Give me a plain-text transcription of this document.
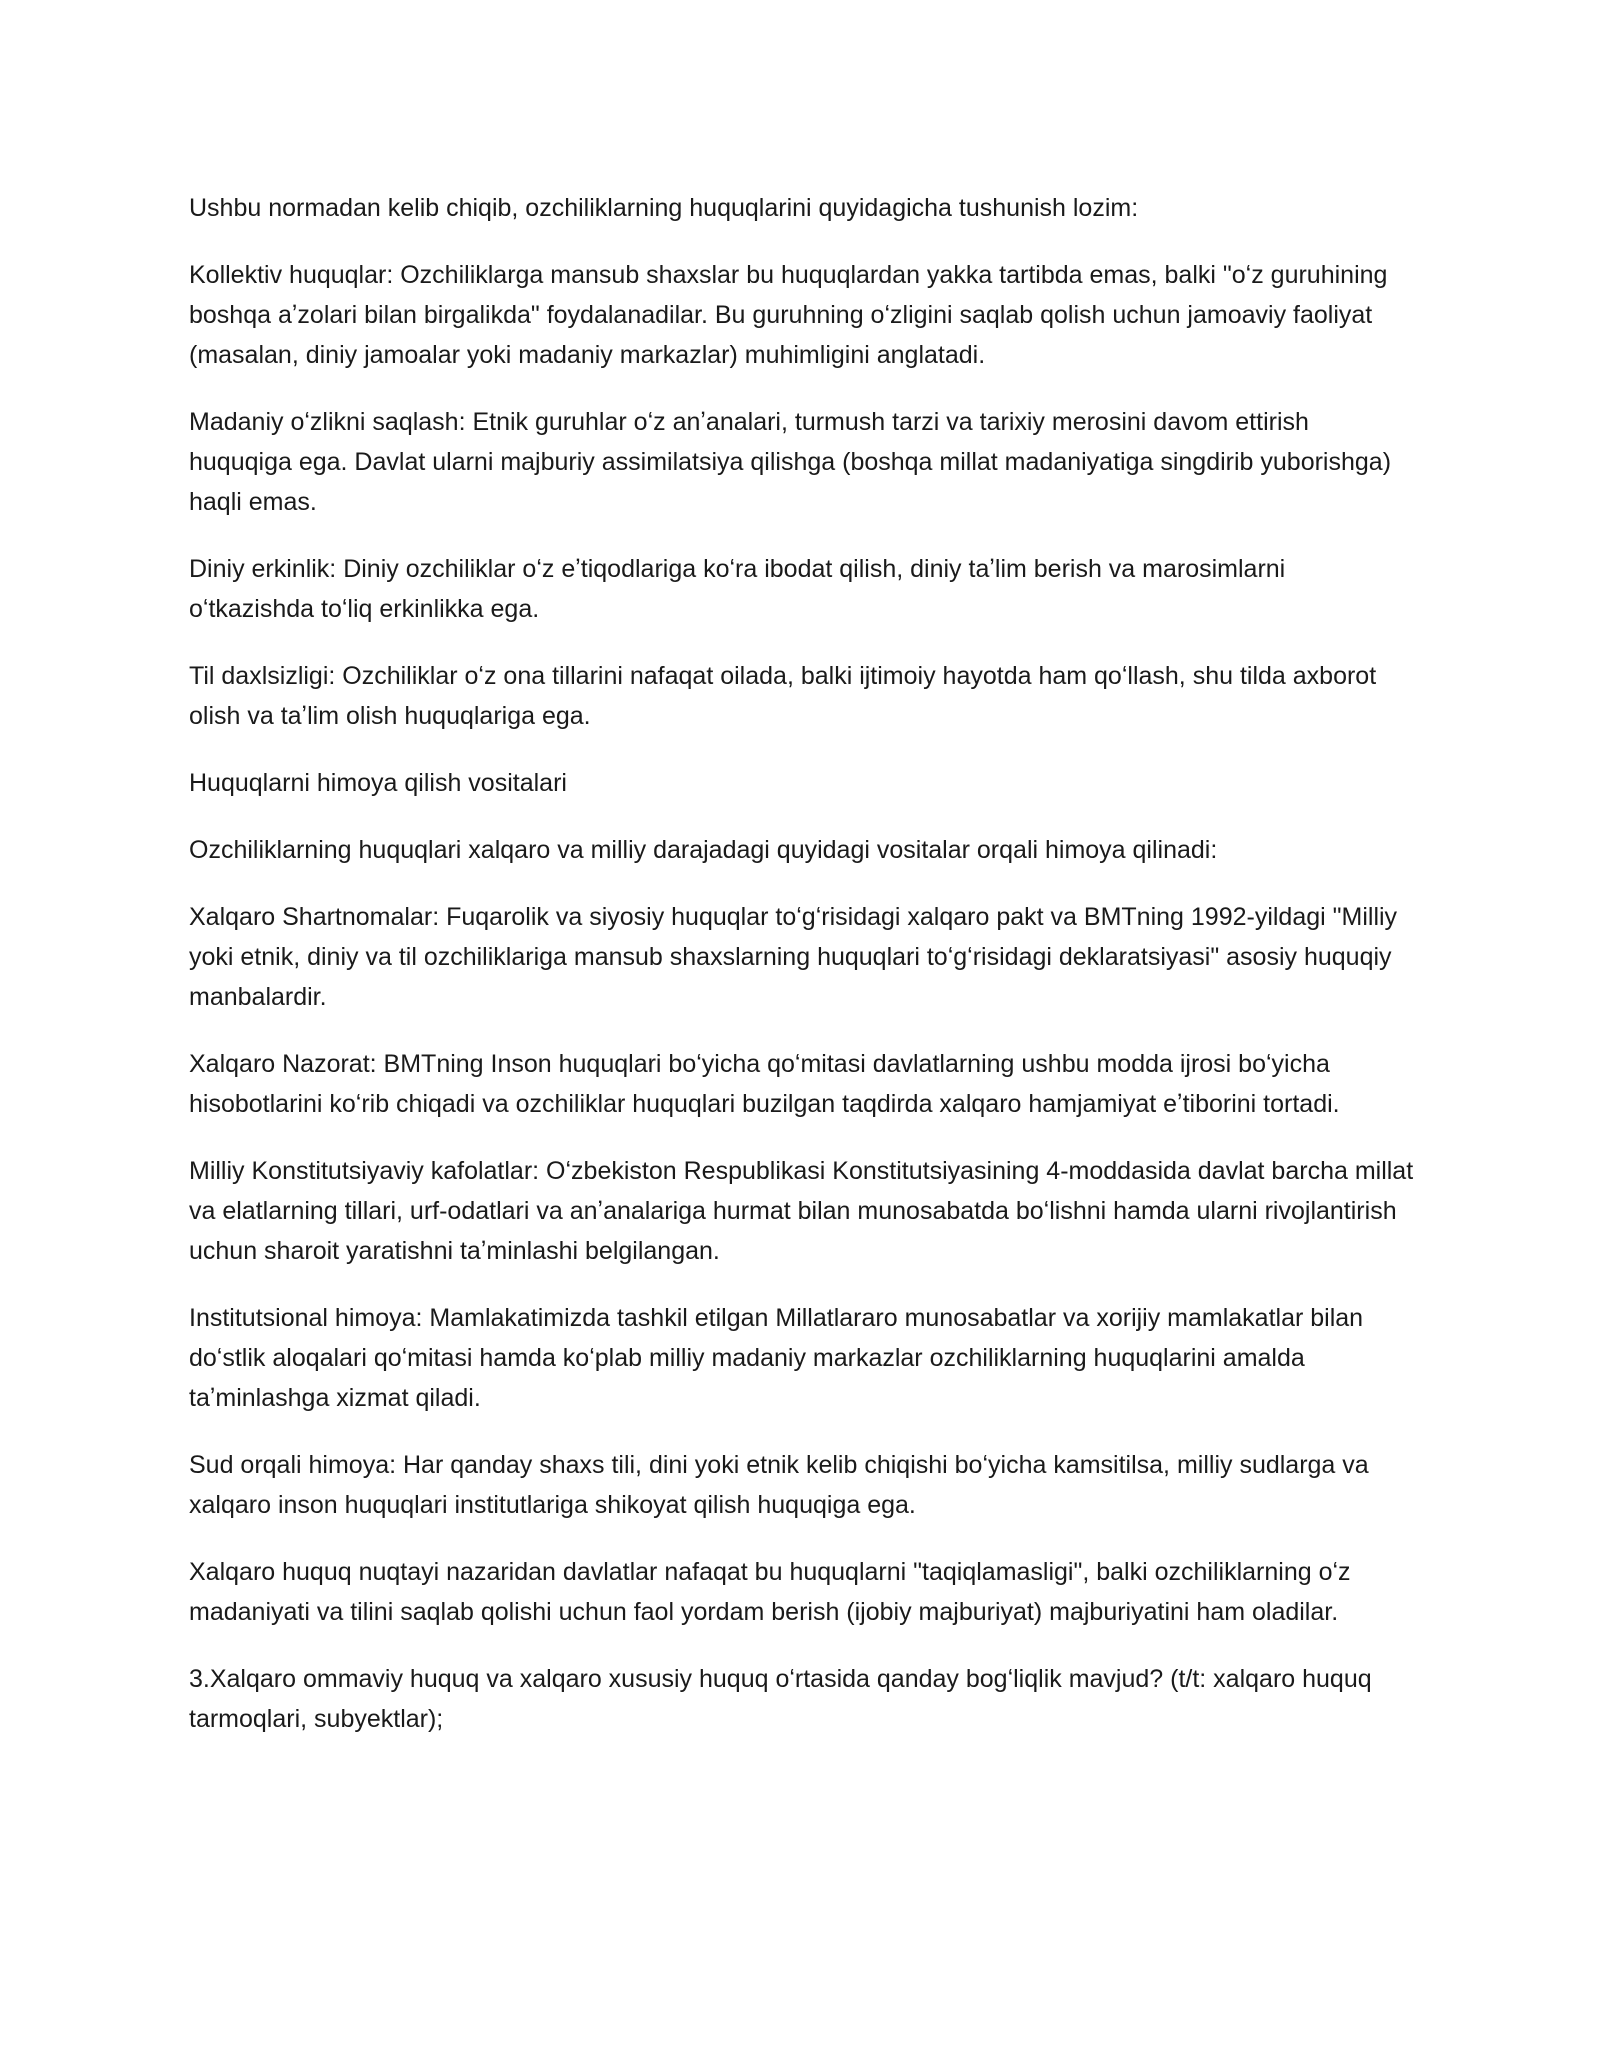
Ushbu normadan kelib chiqib, ozchiliklarning huquqlarini quyidagicha tushunish lozim:

Kollektiv huquqlar: Ozchiliklarga mansub shaxslar bu huquqlardan yakka tartibda emas, balki "oʻz guruhining boshqa aʼzolari bilan birgalikda" foydalanadilar. Bu guruhning oʻzligini saqlab qolish uchun jamoaviy faoliyat (masalan, diniy jamoalar yoki madaniy markazlar) muhimligini anglatadi.

Madaniy oʻzlikni saqlash: Etnik guruhlar oʻz anʼanalari, turmush tarzi va tarixiy merosini davom ettirish huquqiga ega. Davlat ularni majburiy assimilatsiya qilishga (boshqa millat madaniyatiga singdirib yuborishga) haqli emas.

Diniy erkinlik: Diniy ozchiliklar oʻz eʼtiqodlariga koʻra ibodat qilish, diniy taʼlim berish va marosimlarni oʻtkazishda toʻliq erkinlikka ega.

Til daxlsizligi: Ozchiliklar oʻz ona tillarini nafaqat oilada, balki ijtimoiy hayotda ham qoʻllash, shu tilda axborot olish va taʼlim olish huquqlariga ega.

Huquqlarni himoya qilish vositalari

Ozchiliklarning huquqlari xalqaro va milliy darajadagi quyidagi vositalar orqali himoya qilinadi:

Xalqaro Shartnomalar: Fuqarolik va siyosiy huquqlar toʻgʻrisidagi xalqaro pakt va BMTning 1992-yildagi "Milliy yoki etnik, diniy va til ozchiliklariga mansub shaxslarning huquqlari toʻgʻrisidagi deklaratsiyasi" asosiy huquqiy manbalardir.

Xalqaro Nazorat: BMTning Inson huquqlari boʻyicha qoʻmitasi davlatlarning ushbu modda ijrosi boʻyicha hisobotlarini koʻrib chiqadi va ozchiliklar huquqlari buzilgan taqdirda xalqaro hamjamiyat eʼtiborini tortadi.

Milliy Konstitutsiyaviy kafolatlar: Oʻzbekiston Respublikasi Konstitutsiyasining 4-moddasida davlat barcha millat va elatlarning tillari, urf-odatlari va anʼanalariga hurmat bilan munosabatda boʻlishni hamda ularni rivojlantirish uchun sharoit yaratishni taʼminlashi belgilangan.

Institutsional himoya: Mamlakatimizda tashkil etilgan Millatlararo munosabatlar va xorijiy mamlakatlar bilan doʻstlik aloqalari qoʻmitasi hamda koʻplab milliy madaniy markazlar ozchiliklarning huquqlarini amalda taʼminlashga xizmat qiladi.

Sud orqali himoya: Har qanday shaxs tili, dini yoki etnik kelib chiqishi boʻyicha kamsitilsa, milliy sudlarga va xalqaro inson huquqlari institutlariga shikoyat qilish huquqiga ega.

Xalqaro huquq nuqtayi nazaridan davlatlar nafaqat bu huquqlarni "taqiqlamasligi", balki ozchiliklarning oʻz madaniyati va tilini saqlab qolishi uchun faol yordam berish (ijobiy majburiyat) majburiyatini ham oladilar.

3.Xalqaro ommaviy huquq va xalqaro xususiy huquq oʻrtasida qanday bogʻliqlik mavjud? (t/t: xalqaro huquq tarmoqlari, subyektlar);
